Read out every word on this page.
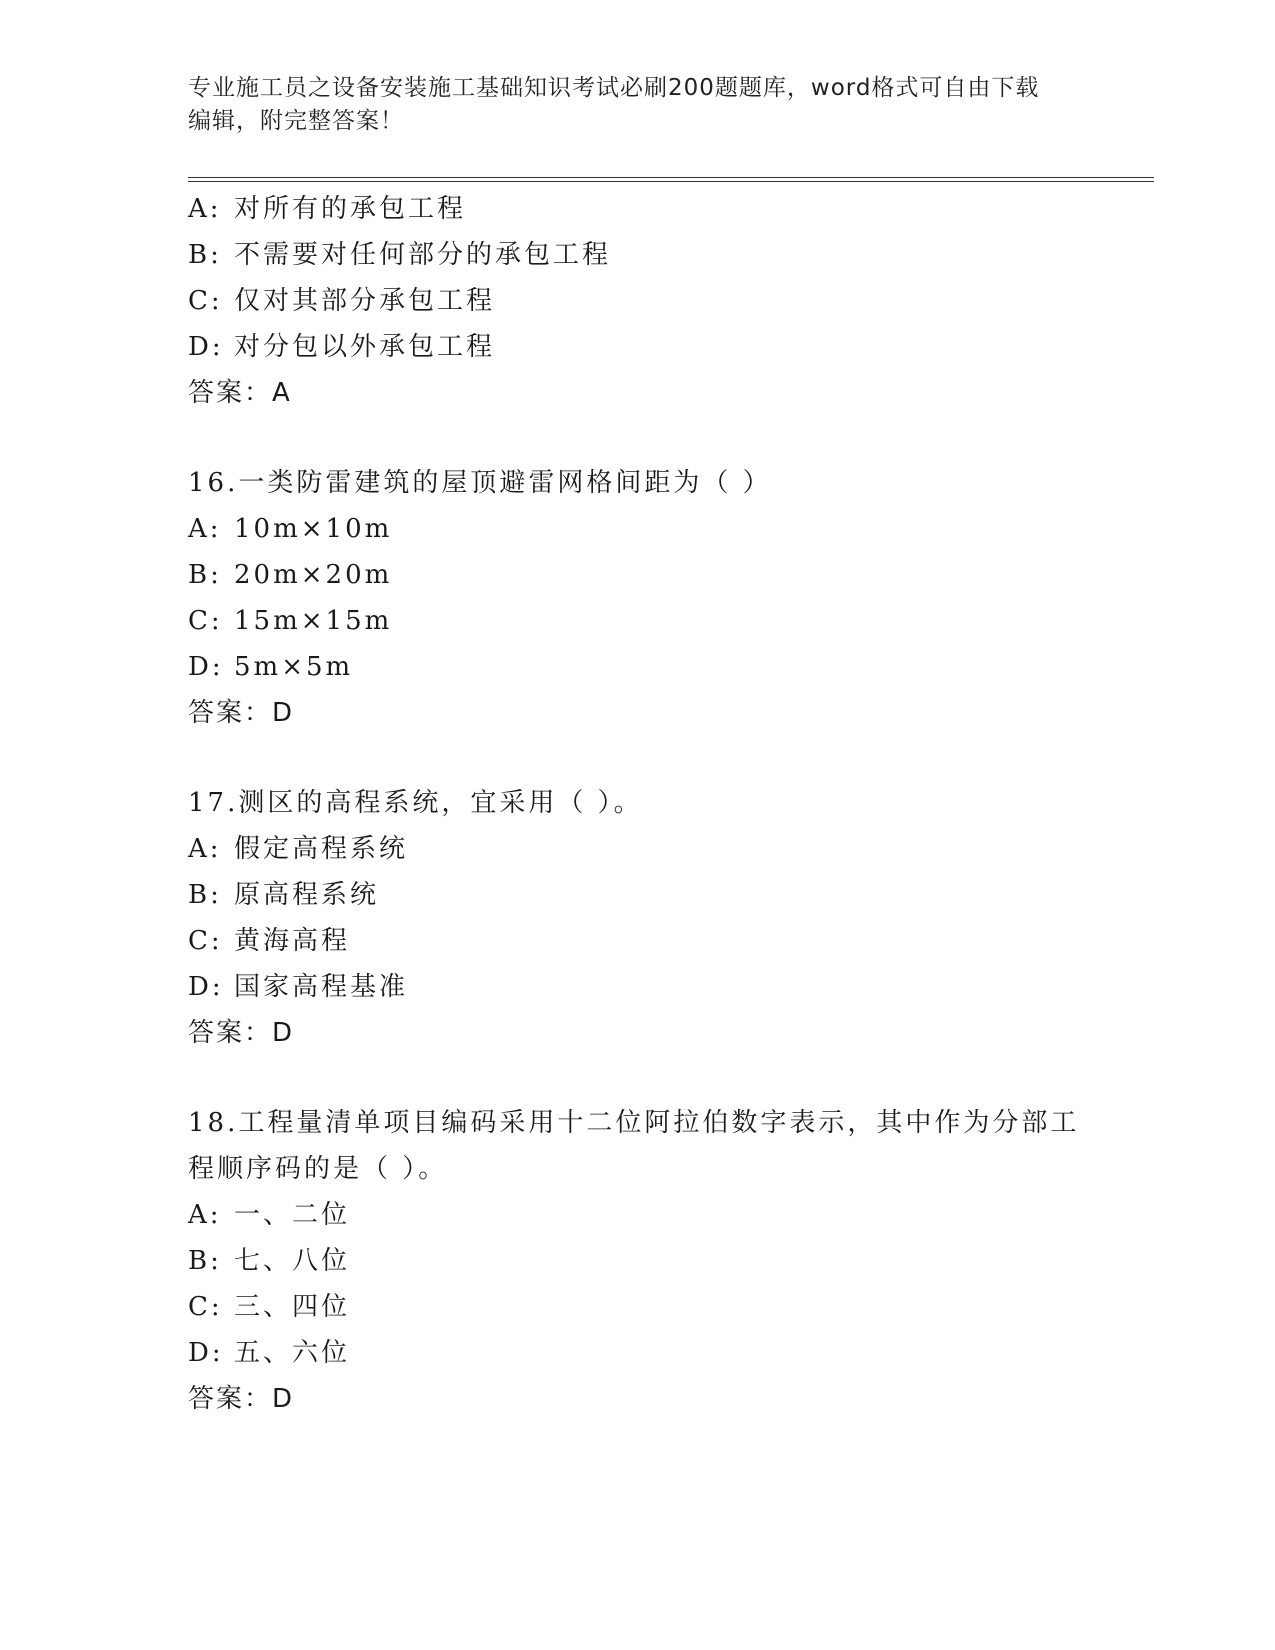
专业施工员之设备安装施工基础知识考试必刷200题题库，word格式可自由下载
编辑，附完整答案！
A: 对所有的承包工程
B: 不需要对任何部分的承包工程
C: 仅对其部分承包工程
D: 对分包以外承包工程
答案：A
16.一类防雷建筑的屋顶避雷网格间距为（ ）
A: 10m×10m
B: 20m×20m
C: 15m×15m
D: 5m×5m
答案：D
17.测区的高程系统，宜采用（ ）。
A: 假定高程系统
B: 原高程系统
C: 黄海高程
D: 国家高程基准
答案：D
18.工程量清单项目编码采用十二位阿拉伯数字表示，其中作为分部工
程顺序码的是（ ）。
A: 一、二位
B: 七、八位
C: 三、四位
D: 五、六位
答案：D
